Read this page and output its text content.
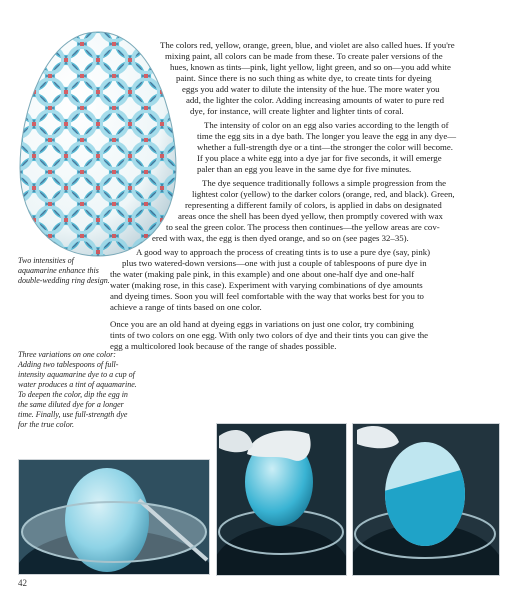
Two intensities of aquamarine enhance this double-wedding ring design.
Three variations on one color: Adding two tablespoons of full-intensity aquamarine dye to a cup of water produces a tint of aquamarine. To deepen the color, dip the egg in the same diluted dye for a longer time. Finally, use full-strength dye for the true color.
The colors red, yellow, orange, green, blue, and violet are also called hues. If you're
mixing paint, all colors can be made from these. To create paler versions of the
hues, known as tints—pink, light yellow, light green, and so on—you add white
paint. Since there is no such thing as white dye, to create tints for dyeing
eggs you add water to dilute the intensity of the hue. The more water you
add, the lighter the color. Adding increasing amounts of water to pure red
dye, for instance, will create lighter and lighter tints of coral.
The intensity of color on an egg also varies according to the length of
time the egg sits in a dye bath. The longer you leave the egg in any dye—
whether a full-strength dye or a tint—the stronger the color will become.
If you place a white egg into a dye jar for five seconds, it will emerge
paler than an egg you leave in the same dye for five minutes.
The dye sequence traditionally follows a simple progression from the
lightest color (yellow) to the darker colors (orange, red, and black). Green,
representing a different family of colors, is applied in dabs on designated
areas once the shell has been dyed yellow, then promptly covered with wax
to seal the green color. The process then continues—the yellow areas are cov-
ered with wax, the egg is then dyed orange, and so on (see pages 32–35).
A good way to approach the process of creating tints is to use a pure dye (say, pink)
plus two watered-down versions—one with just a couple of tablespoons of pure dye in
the water (making pale pink, in this example) and one about one-half dye and one-half
water (making rose, in this case). Experiment with varying combinations of dye amounts
and dyeing times. Soon you will feel comfortable with the way that works best for you to
achieve a range of tints based on one color.
Once you are an old hand at dyeing eggs in variations on just one color, try combining
tints of two colors on one egg. With only two colors of dye and their tints you can give the
egg a multicolored look because of the range of shades possible.
42
